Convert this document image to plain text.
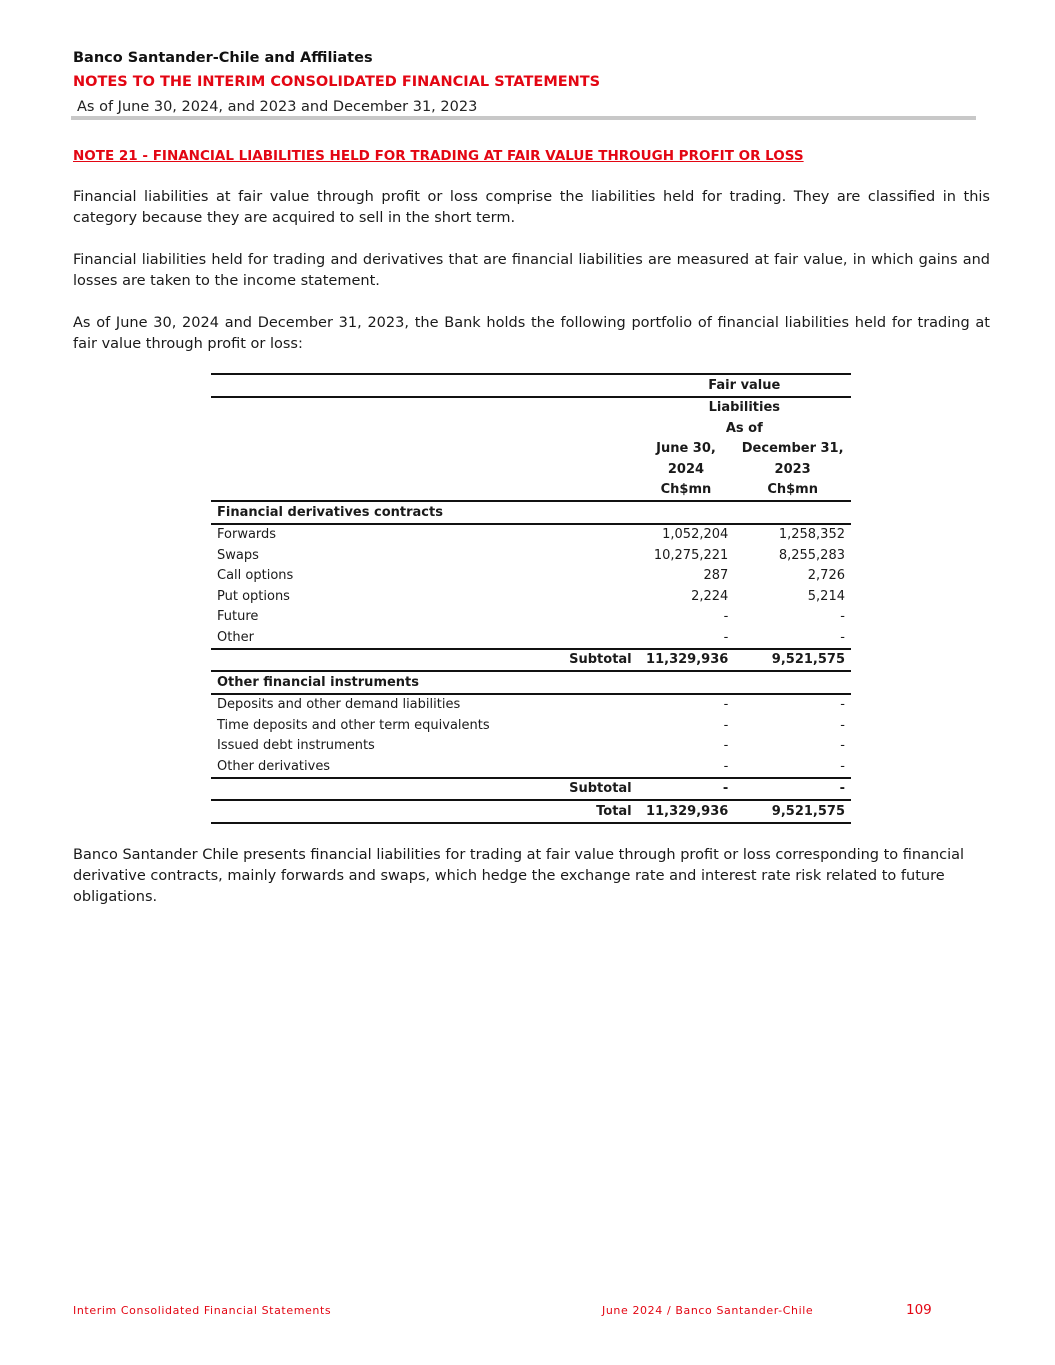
Banco Santander-Chile and Affiliates
NOTES TO THE INTERIM CONSOLIDATED FINANCIAL STATEMENTS
As of June 30, 2024, and 2023 and December 31, 2023
NOTE 21 - FINANCIAL LIABILITIES HELD FOR TRADING AT FAIR VALUE THROUGH PROFIT OR LOSS

Financial liabilities at fair value through profit or loss comprise the liabilities held for trading. They are classified in this category because they are acquired to sell in the short term.

Financial liabilities held for trading and derivatives that are financial liabilities are measured at fair value, in which gains and losses are taken to the income statement.

As of June 30, 2024 and December 31, 2023, the Bank holds the following portfolio of financial liabilities held for trading at fair value through profit or loss:

	Fair value	
	Liabilities	
	As of	
	June 30,	December 31,
	2024	2023
	Ch$mn	Ch$mn
Financial derivatives contracts		
Forwards	1,052,204	1,258,352
Swaps	10,275,221	8,255,283
Call options	287	2,726
Put options	2,224	5,214
Future	-	-
Other	-	-
Subtotal	11,329,936	9,521,575
Other financial instruments		
Deposits and other demand liabilities	-	-
Time deposits and other term equivalents	-	-
Issued debt instruments	-	-
Other derivatives	-	-
Subtotal	-	-
Total	11,329,936	9,521,575

Banco Santander Chile presents financial liabilities for trading at fair value through profit or loss corresponding to financial derivative contracts, mainly forwards and swaps, which hedge the exchange rate and interest rate risk related to future obligations.

Interim Consolidated Financial Statements	June 2024 / Banco Santander-Chile	109
